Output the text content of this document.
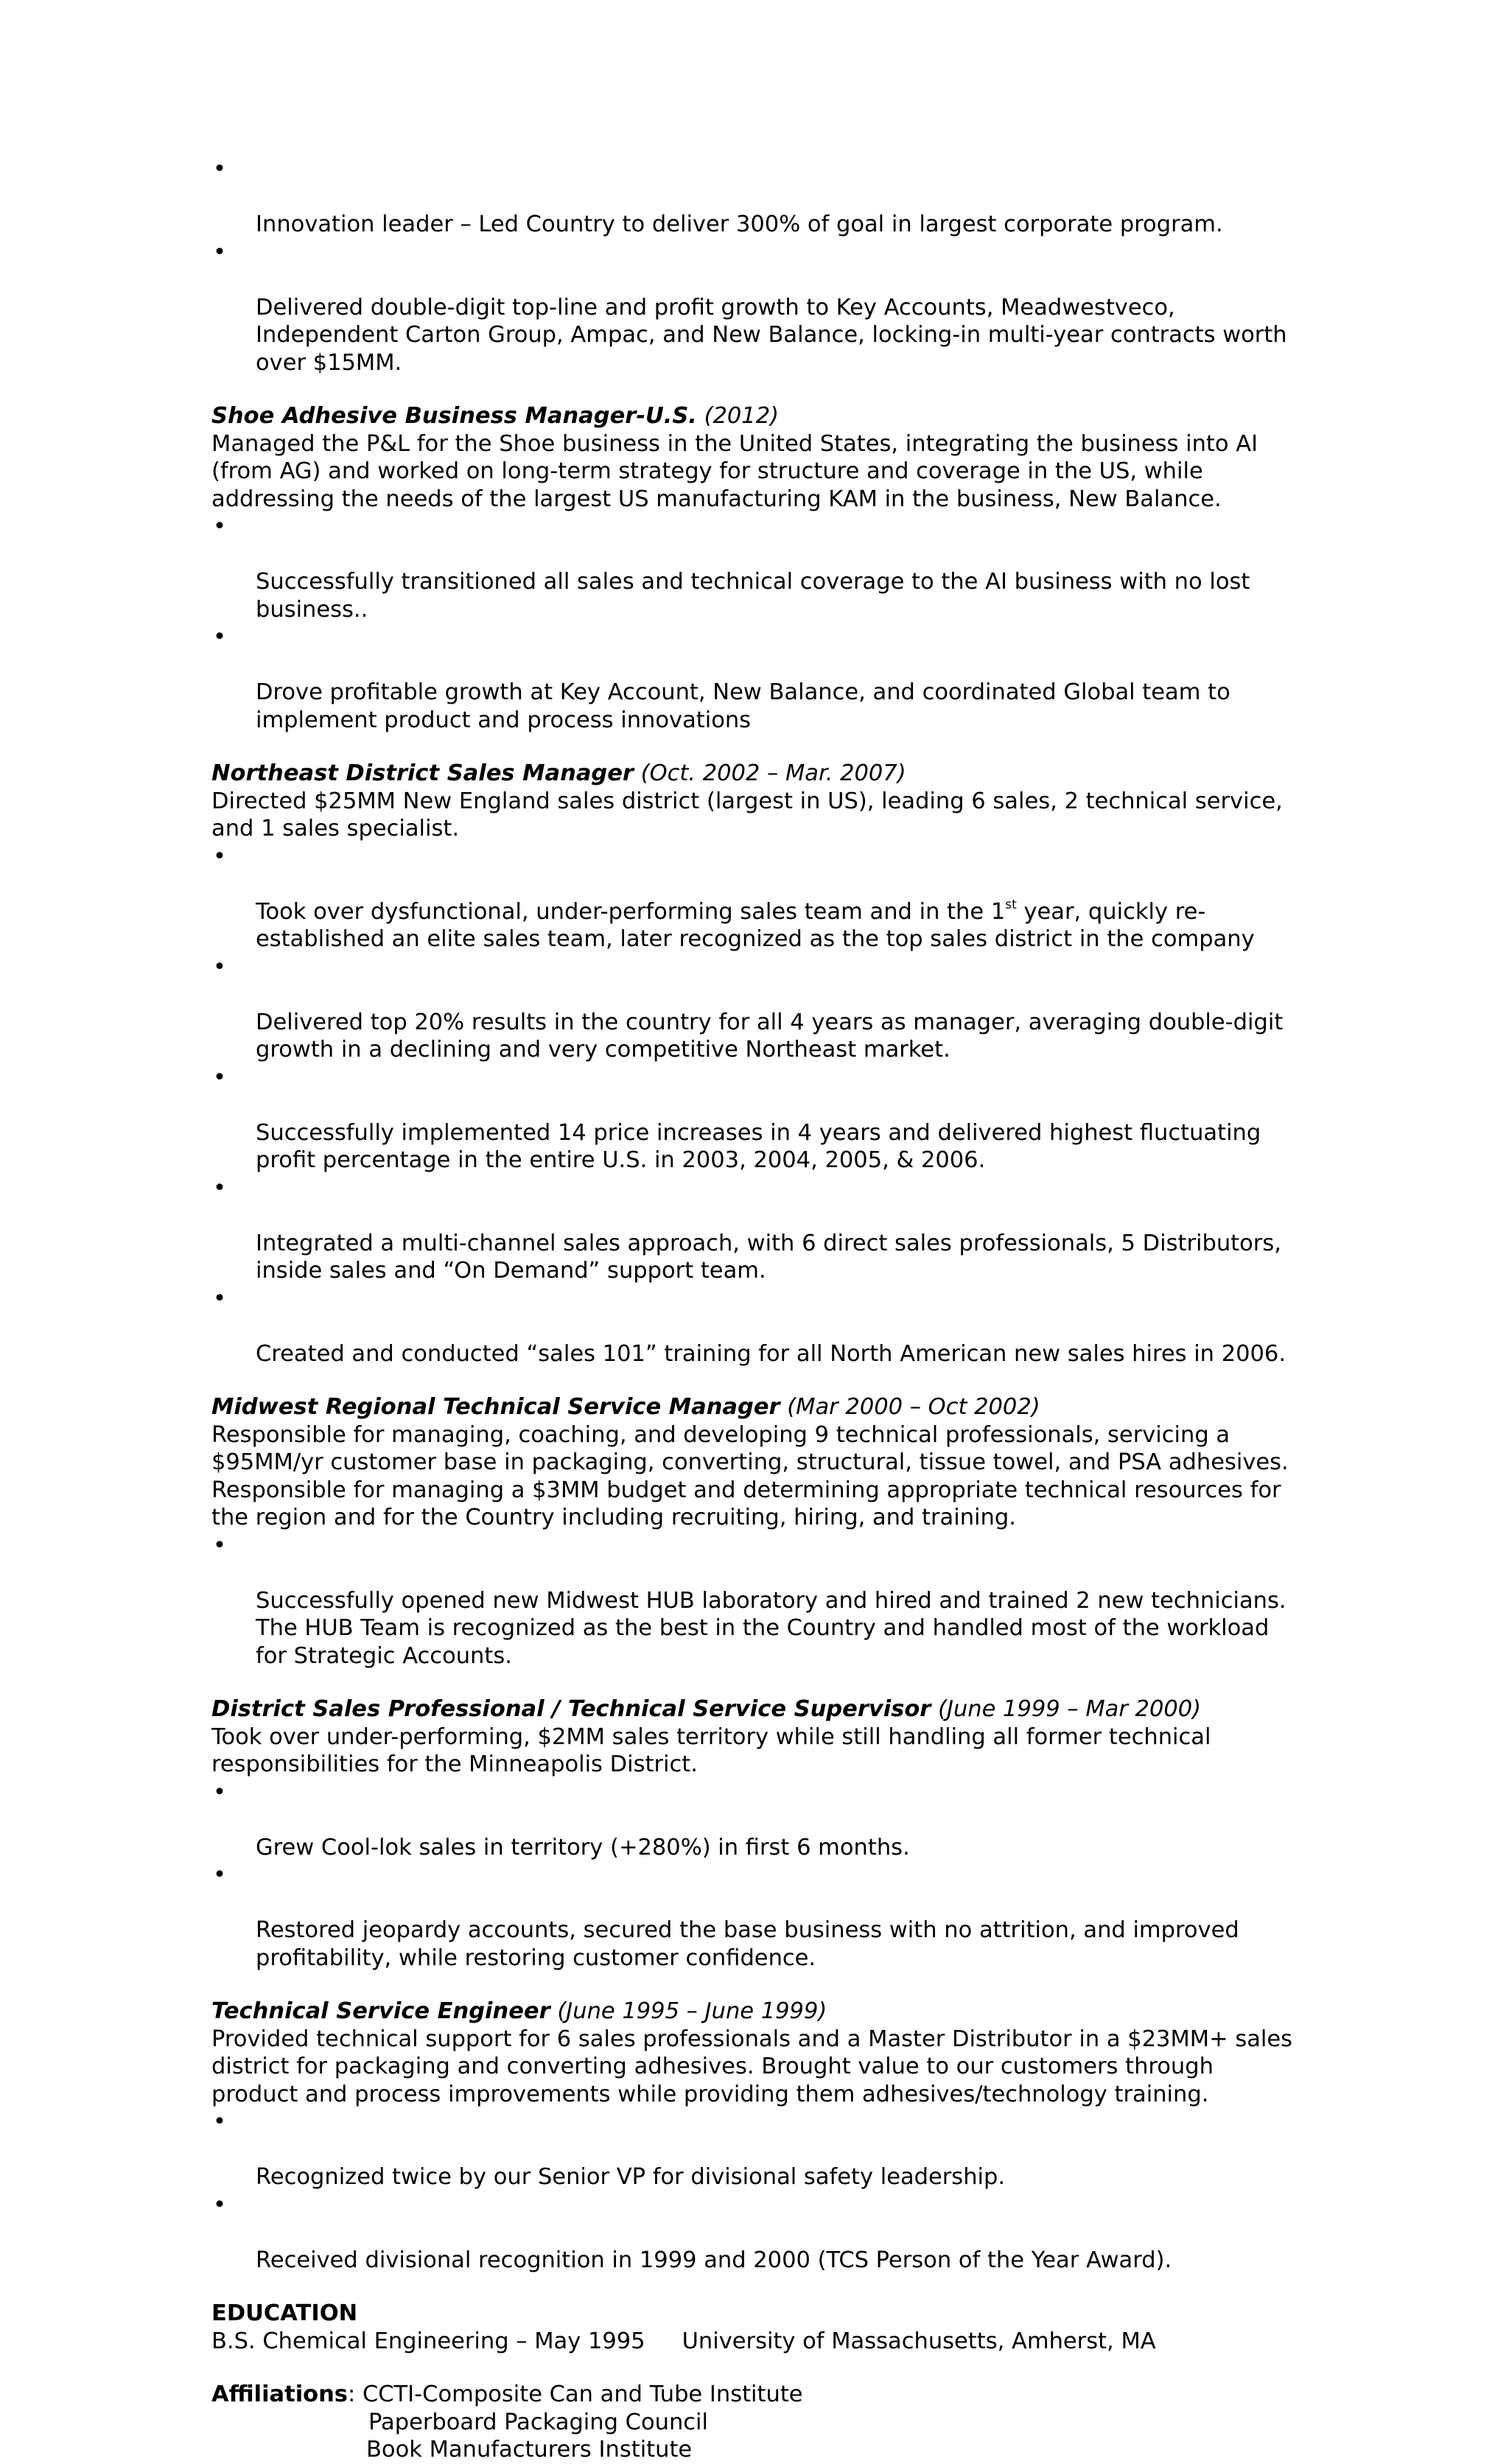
•

Innovation leader – Led Country to deliver 300% of goal in largest corporate program.

•

Delivered double-digit top-line and profit growth to Key Accounts, Meadwestveco,
Independent Carton Group, Ampac, and New Balance, locking-in multi-year contracts worth
over $15MM.

Shoe Adhesive Business Manager-U.S. (2012)
Managed the P&L for the Shoe business in the United States, integrating the business into AI
(from AG) and worked on long-term strategy for structure and coverage in the US, while
addressing the needs of the largest US manufacturing KAM in the business, New Balance.

•

Successfully transitioned all sales and technical coverage to the AI business with no lost
business..

•

Drove profitable growth at Key Account, New Balance, and coordinated Global team to
implement product and process innovations

Northeast District Sales Manager (Oct. 2002 – Mar. 2007)
Directed $25MM New England sales district (largest in US), leading 6 sales, 2 technical service,
and 1 sales specialist.

•

Took over dysfunctional, under-performing sales team and in the 1st year, quickly re-
established an elite sales team, later recognized as the top sales district in the company

•

Delivered top 20% results in the country for all 4 years as manager, averaging double-digit
growth in a declining and very competitive Northeast market.

•

Successfully implemented 14 price increases in 4 years and delivered highest fluctuating
profit percentage in the entire U.S. in 2003, 2004, 2005, & 2006.

•

Integrated a multi-channel sales approach, with 6 direct sales professionals, 5 Distributors,
inside sales and “On Demand” support team.

•

Created and conducted “sales 101” training for all North American new sales hires in 2006.

Midwest Regional Technical Service Manager (Mar 2000 – Oct 2002)
Responsible for managing, coaching, and developing 9 technical professionals, servicing a
$95MM/yr customer base in packaging, converting, structural, tissue towel, and PSA adhesives.
Responsible for managing a $3MM budget and determining appropriate technical resources for
the region and for the Country including recruiting, hiring, and training.

•

Successfully opened new Midwest HUB laboratory and hired and trained 2 new technicians.
The HUB Team is recognized as the best in the Country and handled most of the workload
for Strategic Accounts.

District Sales Professional / Technical Service Supervisor (June 1999 – Mar 2000)
Took over under-performing, $2MM sales territory while still handling all former technical
responsibilities for the Minneapolis District.

•

Grew Cool-lok sales in territory (+280%) in first 6 months.

•

Restored jeopardy accounts, secured the base business with no attrition, and improved
profitability, while restoring customer confidence.

Technical Service Engineer (June 1995 – June 1999)
Provided technical support for 6 sales professionals and a Master Distributor in a $23MM+ sales
district for packaging and converting adhesives. Brought value to our customers through
product and process improvements while providing them adhesives/technology training.

•

Recognized twice by our Senior VP for divisional safety leadership.

•

Received divisional recognition in 1999 and 2000 (TCS Person of the Year Award).

EDUCATION
B.S. Chemical Engineering – May 1995 University of Massachusetts, Amherst, MA
Affiliations: CCTI-Composite Can and Tube Institute
Paperboard Packaging Council
Book Manufacturers Institute
